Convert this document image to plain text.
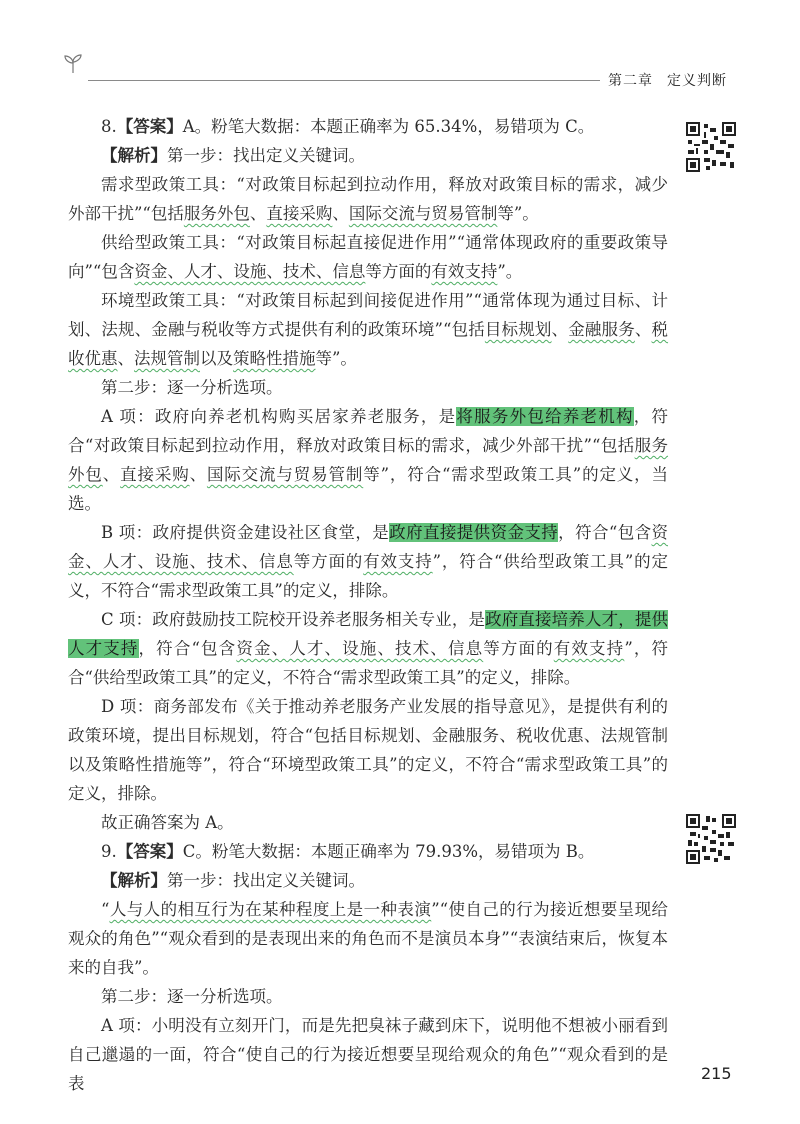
第二章 定义判断

8.【答案】A。粉笔大数据：本题正确率为 65.34%，易错项为 C。

【解析】第一步：找出定义关键词。

需求型政策工具：“对政策目标起到拉动作用，释放对政策目标的需求，减少外部干扰”“包括服务外包、直接采购、国际交流与贸易管制等”。

供给型政策工具：“对政策目标起直接促进作用”“通常体现政府的重要政策导向”“包含资金、人才、设施、技术、信息等方面的有效支持”。

环境型政策工具：“对政策目标起到间接促进作用”“通常体现为通过目标、计划、法规、金融与税收等方式提供有利的政策环境”“包括目标规划、金融服务、税收优惠、法规管制以及策略性措施等”。

第二步：逐一分析选项。

A 项：政府向养老机构购买居家养老服务，是将服务外包给养老机构，符合“对政策目标起到拉动作用，释放对政策目标的需求，减少外部干扰”“包括服务外包、直接采购、国际交流与贸易管制等”，符合“需求型政策工具”的定义，当选。

B 项：政府提供资金建设社区食堂，是政府直接提供资金支持，符合“包含资金、人才、设施、技术、信息等方面的有效支持”，符合“供给型政策工具”的定义，不符合“需求型政策工具”的定义，排除。

C 项：政府鼓励技工院校开设养老服务相关专业，是政府直接培养人才，提供人才支持，符合“包含资金、人才、设施、技术、信息等方面的有效支持”，符合“供给型政策工具”的定义，不符合“需求型政策工具”的定义，排除。

D 项：商务部发布《关于推动养老服务产业发展的指导意见》，是提供有利的政策环境，提出目标规划，符合“包括目标规划、金融服务、税收优惠、法规管制以及策略性措施等”，符合“环境型政策工具”的定义，不符合“需求型政策工具”的定义，排除。

故正确答案为 A。

9.【答案】C。粉笔大数据：本题正确率为 79.93%，易错项为 B。

【解析】第一步：找出定义关键词。

“人与人的相互行为在某种程度上是一种表演”“使自己的行为接近想要呈现给观众的角色”“观众看到的是表现出来的角色而不是演员本身”“表演结束后，恢复本来的自我”。

第二步：逐一分析选项。

A 项：小明没有立刻开门，而是先把臭袜子藏到床下，说明他不想被小丽看到自己邋遢的一面，符合“使自己的行为接近想要呈现给观众的角色”“观众看到的是表

215
